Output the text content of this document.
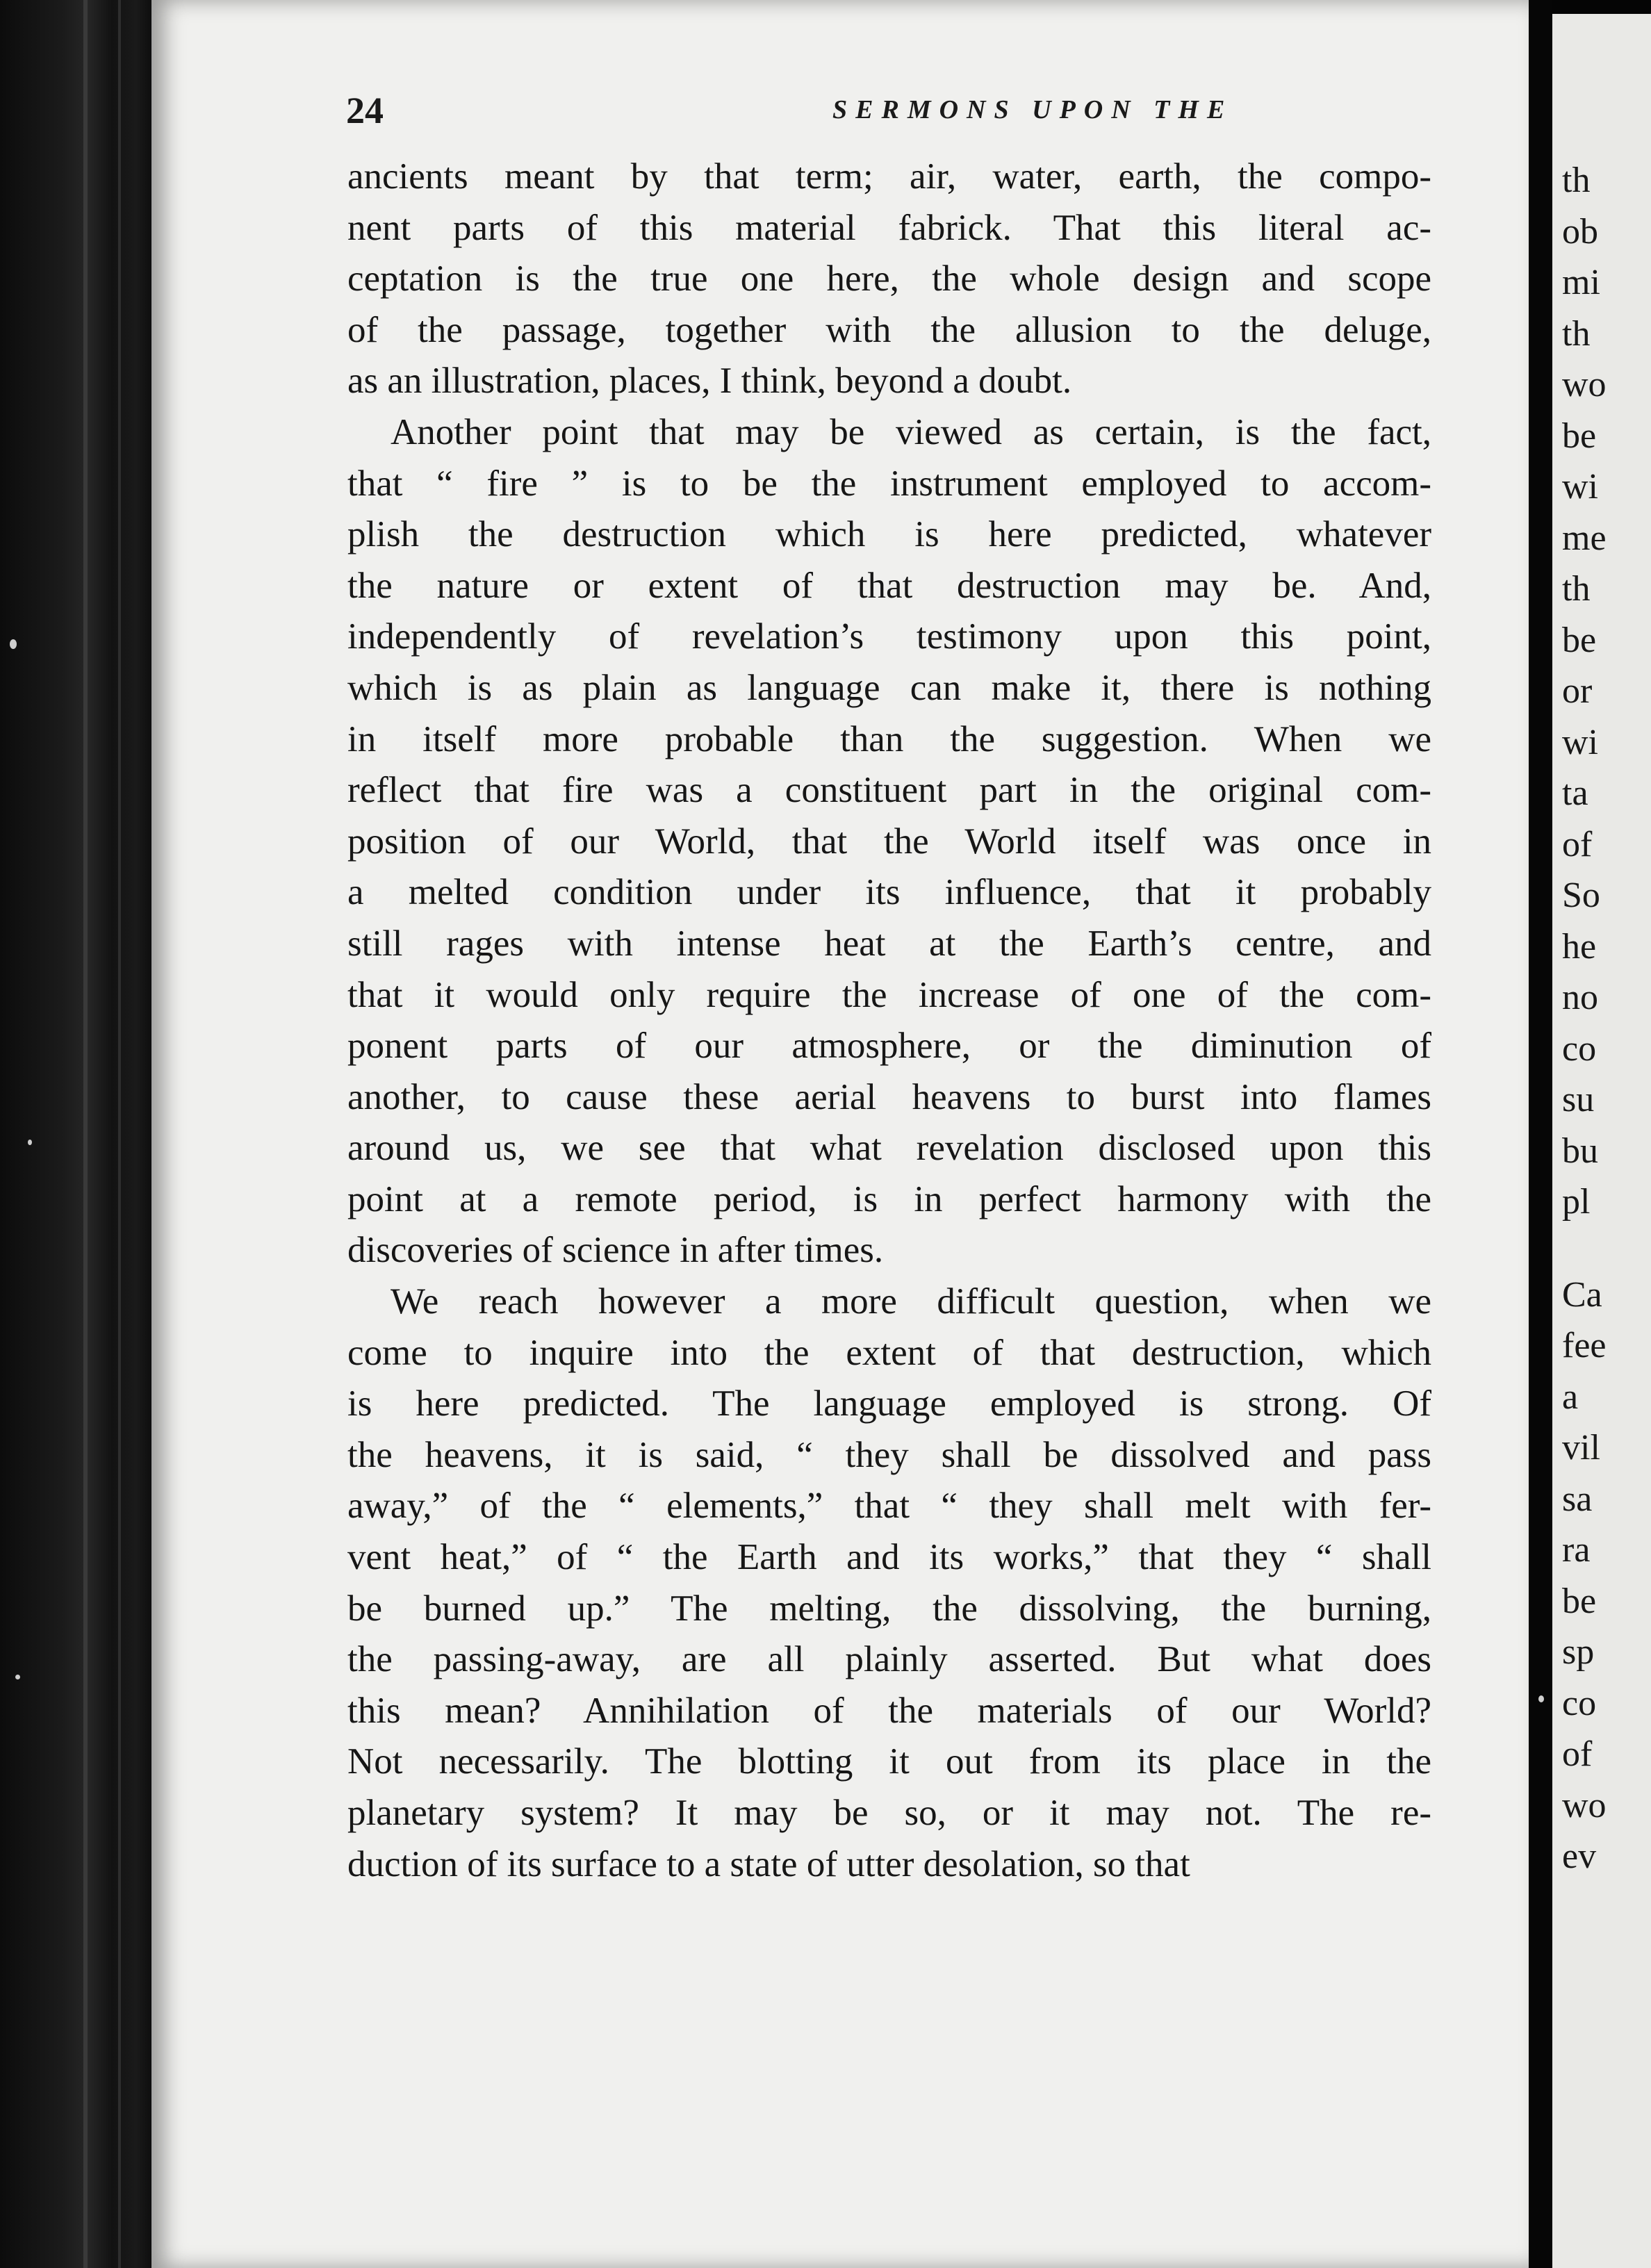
24	SERMONS UPON THE
ancients meant by that term; air, water, earth, the compo-
nent parts of this material fabrick. That this literal ac-
ceptation is the true one here, the whole design and scope
of the passage, together with the allusion to the deluge,
as an illustration, places, I think, beyond a doubt.
Another point that may be viewed as certain, is the fact,
that “ fire ” is to be the instrument employed to accom-
plish the destruction which is here predicted, whatever
the nature or extent of that destruction may be. And,
independently of revelation’s testimony upon this point,
which is as plain as language can make it, there is nothing
in itself more probable than the suggestion. When we
reflect that fire was a constituent part in the original com-
position of our World, that the World itself was once in
a melted condition under its influence, that it probably
still rages with intense heat at the Earth’s centre, and
that it would only require the increase of one of the com-
ponent parts of our atmosphere, or the diminution of
another, to cause these aerial heavens to burst into flames
around us, we see that what revelation disclosed upon this
point at a remote period, is in perfect harmony with the
discoveries of science in after times.
We reach however a more difficult question, when we
come to inquire into the extent of that destruction, which
is here predicted. The language employed is strong. Of
the heavens, it is said, “ they shall be dissolved and pass
away,” of the “ elements,” that “ they shall melt with fer-
vent heat,” of “ the Earth and its works,” that they “ shall
be burned up.” The melting, the dissolving, the burning,
the passing-away, are all plainly asserted. But what does
this mean? Annihilation of the materials of our World?
Not necessarily. The blotting it out from its place in the
planetary system? It may be so, or it may not. The re-
duction of its surface to a state of utter desolation, so that
th
ob
mi
th
wo
be
wi
me
th
be
or
wi
ta
of
So
he
no
co
su
bu
pl
Ca
fee
a
vil
sa
ra
be
sp
co
of
wo
ev
